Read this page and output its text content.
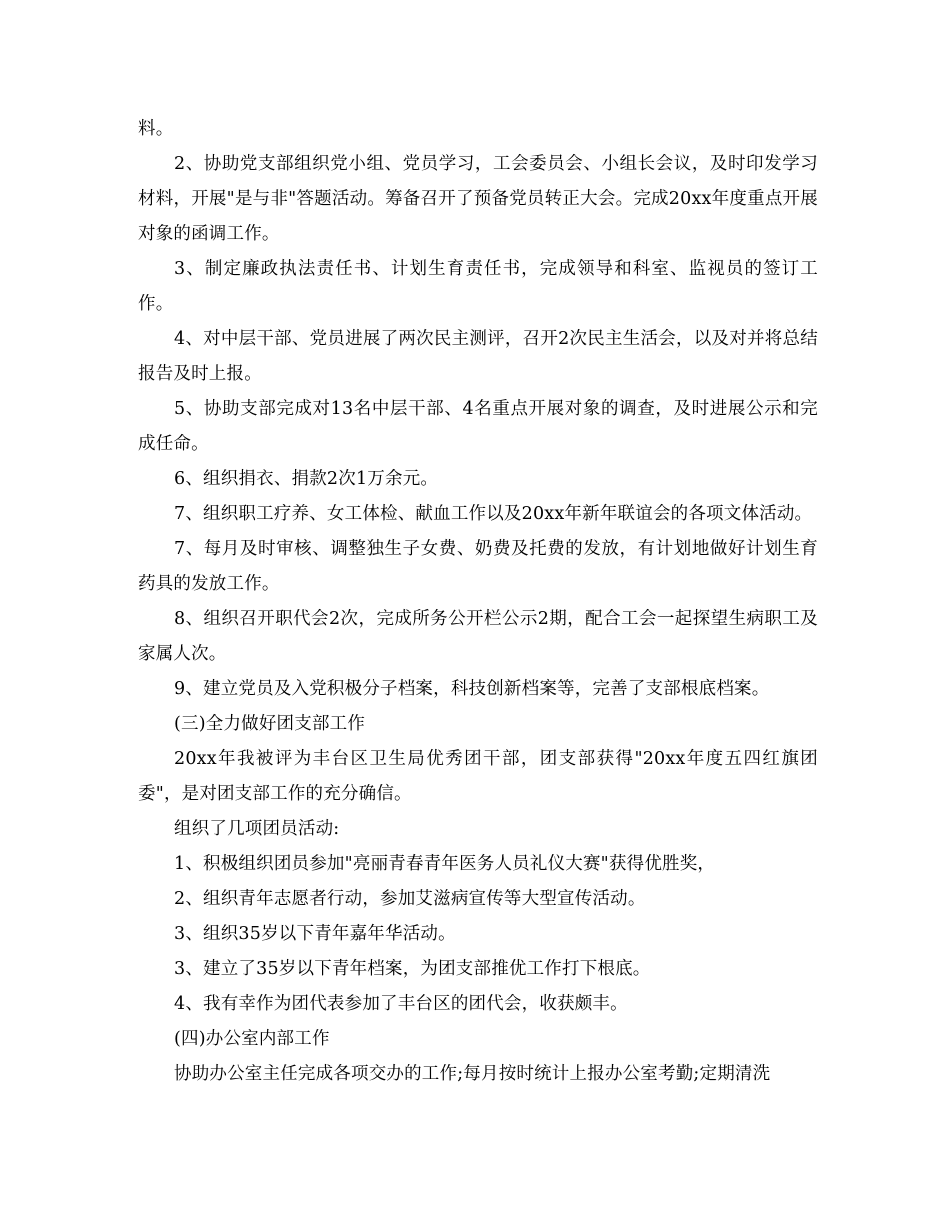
料。

2、协助党支部组织党小组、党员学习，工会委员会、小组长会议，及时印发学习材料，开展"是与非"答题活动。筹备召开了预备党员转正大会。完成20xx年度重点开展对象的函调工作。

3、制定廉政执法责任书、计划生育责任书，完成领导和科室、监视员的签订工作。

4、对中层干部、党员进展了两次民主测评，召开2次民主生活会，以及对并将总结报告及时上报。

5、协助支部完成对13名中层干部、4名重点开展对象的调查，及时进展公示和完成任命。

6、组织捐衣、捐款2次1万余元。

7、组织职工疗养、女工体检、献血工作以及20xx年新年联谊会的各项文体活动。

7、每月及时审核、调整独生子女费、奶费及托费的发放，有计划地做好计划生育药具的发放工作。

8、组织召开职代会2次，完成所务公开栏公示2期，配合工会一起探望生病职工及家属人次。

9、建立党员及入党积极分子档案，科技创新档案等，完善了支部根底档案。

(三)全力做好团支部工作

20xx年我被评为丰台区卫生局优秀团干部，团支部获得"20xx年度五四红旗团委"，是对团支部工作的充分确信。

组织了几项团员活动:

1、积极组织团员参加"亮丽青春青年医务人员礼仪大赛"获得优胜奖，

2、组织青年志愿者行动，参加艾滋病宣传等大型宣传活动。

3、组织35岁以下青年嘉年华活动。

3、建立了35岁以下青年档案，为团支部推优工作打下根底。

4、我有幸作为团代表参加了丰台区的团代会，收获颇丰。

(四)办公室内部工作

协助办公室主任完成各项交办的工作;每月按时统计上报办公室考勤;定期清洗
